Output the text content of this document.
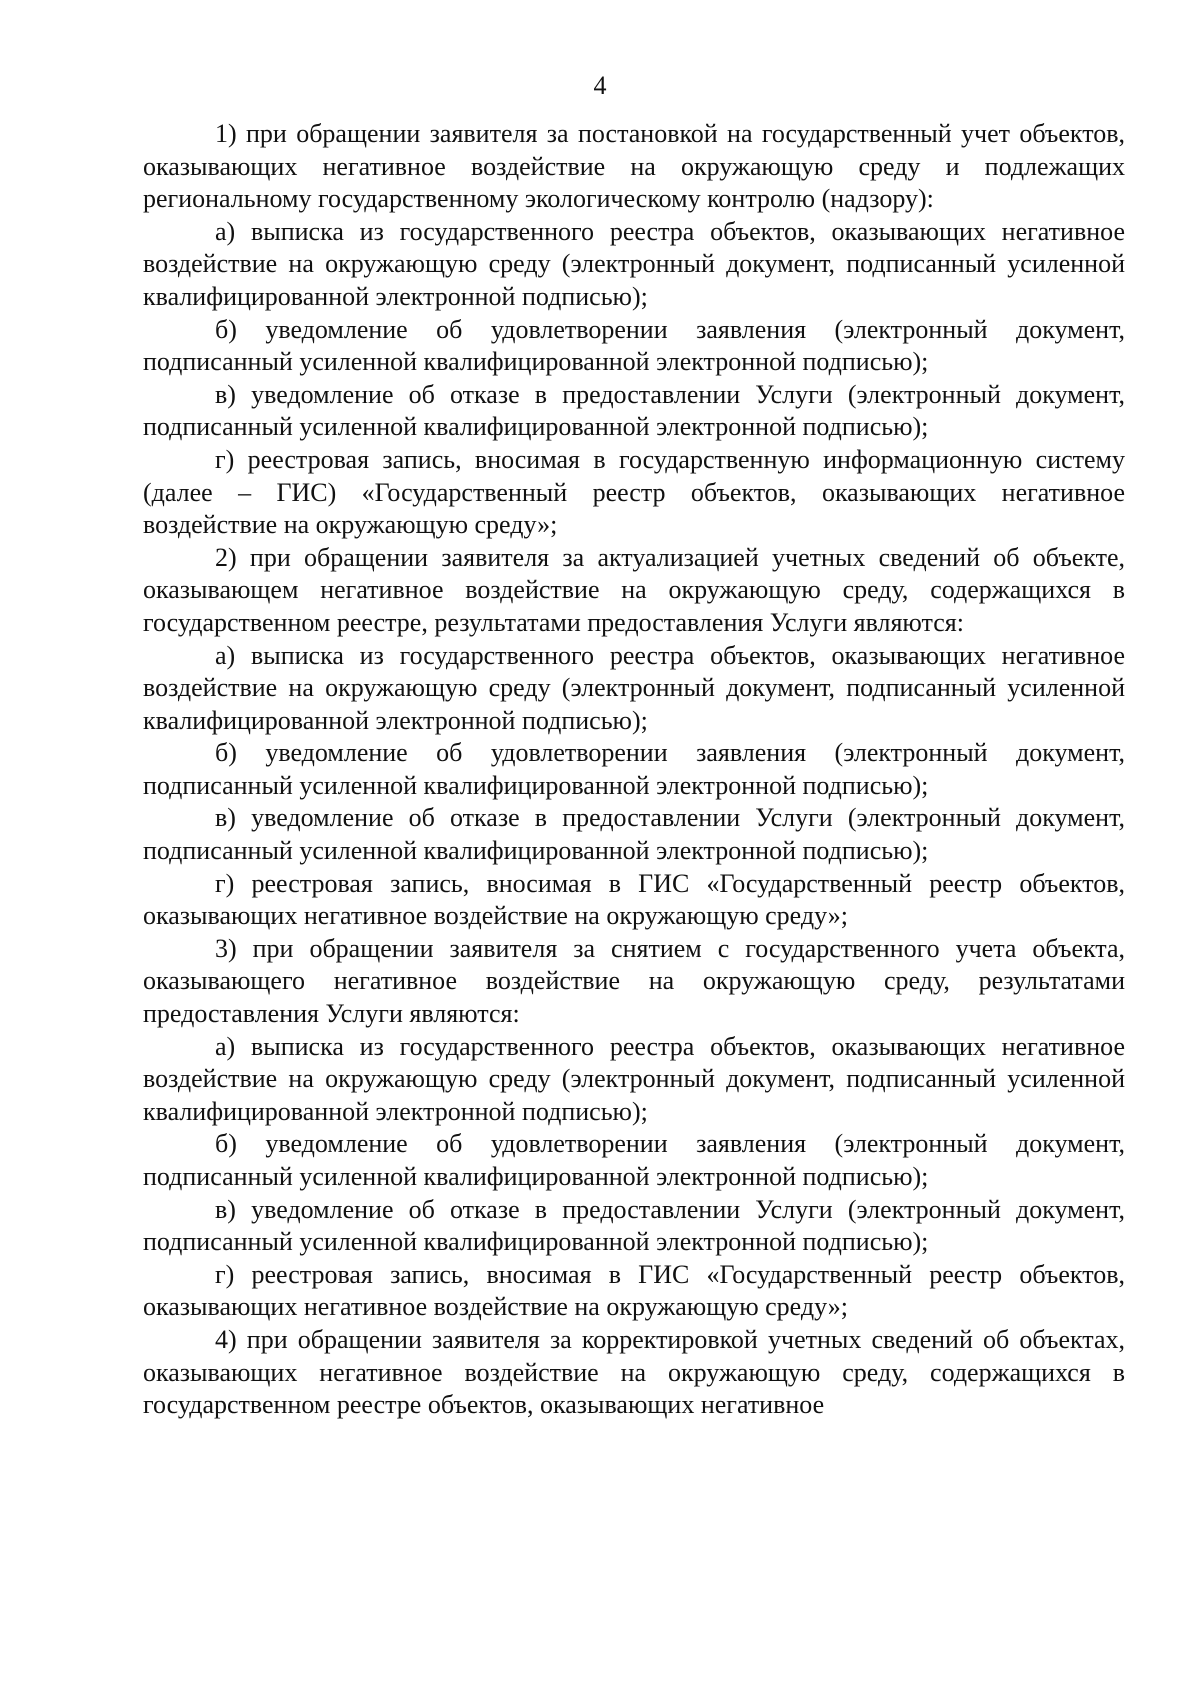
4

1) при обращении заявителя за постановкой на государственный учет объектов, оказывающих негативное воздействие на окружающую среду и подлежащих региональному государственному экологическому контролю (надзору):

а) выписка из государственного реестра объектов, оказывающих негативное воздействие на окружающую среду (электронный документ, подписанный усиленной квалифицированной электронной подписью);

б) уведомление об удовлетворении заявления (электронный документ, подписанный усиленной квалифицированной электронной подписью);

в) уведомление об отказе в предоставлении Услуги (электронный документ, подписанный усиленной квалифицированной электронной подписью);

г) реестровая запись, вносимая в государственную информационную систему (далее – ГИС) «Государственный реестр объектов, оказывающих негативное воздействие на окружающую среду»;

2) при обращении заявителя за актуализацией учетных сведений об объекте, оказывающем негативное воздействие на окружающую среду, содержащихся в государственном реестре, результатами предоставления Услуги являются:

а) выписка из государственного реестра объектов, оказывающих негативное воздействие на окружающую среду (электронный документ, подписанный усиленной квалифицированной электронной подписью);

б) уведомление об удовлетворении заявления (электронный документ, подписанный усиленной квалифицированной электронной подписью);

в) уведомление об отказе в предоставлении Услуги (электронный документ, подписанный усиленной квалифицированной электронной подписью);

г) реестровая запись, вносимая в ГИС «Государственный реестр объектов, оказывающих негативное воздействие на окружающую среду»;

3) при обращении заявителя за снятием с государственного учета объекта, оказывающего негативное воздействие на окружающую среду, результатами предоставления Услуги являются:

а) выписка из государственного реестра объектов, оказывающих негативное воздействие на окружающую среду (электронный документ, подписанный усиленной квалифицированной электронной подписью);

б) уведомление об удовлетворении заявления (электронный документ, подписанный усиленной квалифицированной электронной подписью);

в) уведомление об отказе в предоставлении Услуги (электронный документ, подписанный усиленной квалифицированной электронной подписью);

г) реестровая запись, вносимая в ГИС «Государственный реестр объектов, оказывающих негативное воздействие на окружающую среду»;

4) при обращении заявителя за корректировкой учетных сведений об объектах, оказывающих негативное воздействие на окружающую среду, содержащихся в государственном реестре объектов, оказывающих негативное
